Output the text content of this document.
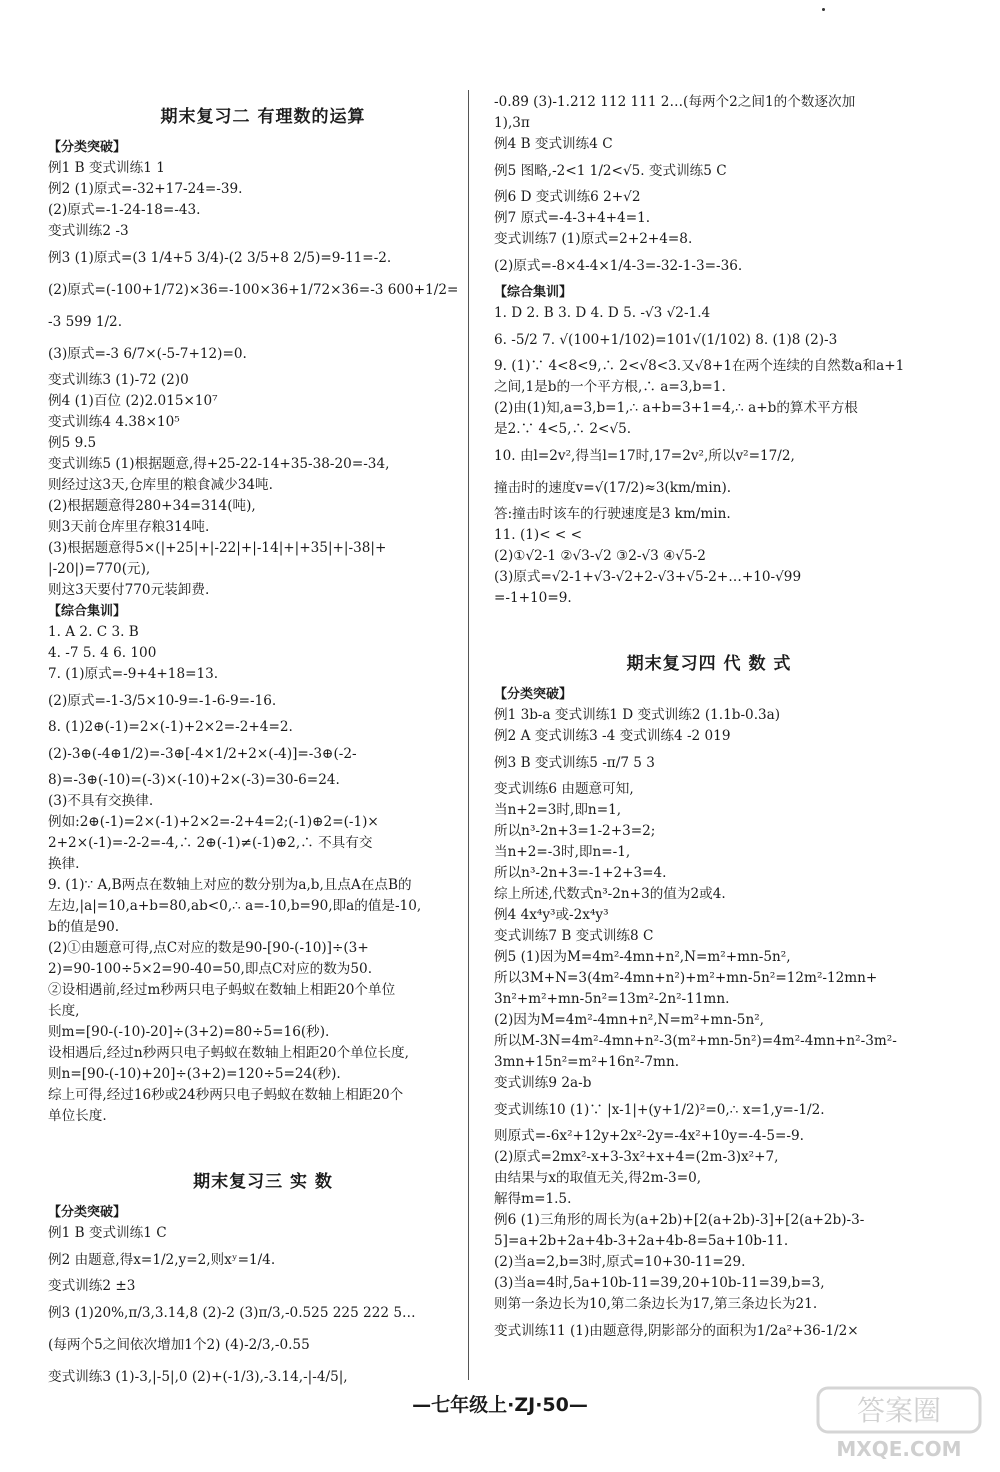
期末复习二 有理数的运算
【分类突破】
例1 B 变式训练1 1
例2 (1)原式=-32+17-24=-39.
(2)原式=-1-24-18=-43.
变式训练2 -3
例3 (1)原式=(3 1/4+5 3/4)-(2 3/5+8 2/5)=9-11=-2.
(2)原式=(-100+1/72)×36=-100×36+1/72×36=-3 600+1/2=
-3 599 1/2.
(3)原式=-3 6/7×(-5-7+12)=0.
变式训练3 (1)-72 (2)0
例4 (1)百位 (2)2.015×10⁷
变式训练4 4.38×10⁵
例5 9.5
变式训练5 (1)根据题意,得+25-22-14+35-38-20=-34,
则经过这3天,仓库里的粮食减少34吨.
(2)根据题意得280+34=314(吨),
则3天前仓库里存粮314吨.
(3)根据题意得5×(|+25|+|-22|+|-14|+|+35|+|-38|+
|-20|)=770(元),
则这3天要付770元装卸费.
【综合集训】
1. A 2. C 3. B
4. -7 5. 4 6. 100
7. (1)原式=-9+4+18=13.
(2)原式=-1-3/5×10-9=-1-6-9=-16.
8. (1)2⊕(-1)=2×(-1)+2×2=-2+4=2.
(2)-3⊕(-4⊕1/2)=-3⊕[-4×1/2+2×(-4)]=-3⊕(-2-
8)=-3⊕(-10)=(-3)×(-10)+2×(-3)=30-6=24.
(3)不具有交换律.
例如:2⊕(-1)=2×(-1)+2×2=-2+4=2;(-1)⊕2=(-1)×
2+2×(-1)=-2-2=-4,∴ 2⊕(-1)≠(-1)⊕2,∴ 不具有交
换律.
9. (1)∵ A,B两点在数轴上对应的数分别为a,b,且点A在点B的
左边,|a|=10,a+b=80,ab<0,∴ a=-10,b=90,即a的值是-10,
b的值是90.
(2)①由题意可得,点C对应的数是90-[90-(-10)]÷(3+
2)=90-100÷5×2=90-40=50,即点C对应的数为50.
②设相遇前,经过m秒两只电子蚂蚁在数轴上相距20个单位
长度,
则m=[90-(-10)-20]÷(3+2)=80÷5=16(秒).
设相遇后,经过n秒两只电子蚂蚁在数轴上相距20个单位长度,
则n=[90-(-10)+20]÷(3+2)=120÷5=24(秒).
综上可得,经过16秒或24秒两只电子蚂蚁在数轴上相距20个
单位长度.
期末复习三 实 数
【分类突破】
例1 B 变式训练1 C
例2 由题意,得x=1/2,y=2,则xʸ=1/4.
变式训练2 ±3
例3 (1)20%,π/3,3.14,8 (2)-2 (3)π/3,-0.525 225 222 5…
(每两个5之间依次增加1个2) (4)-2/3,-0.55
变式训练3 (1)-3,|-5|,0 (2)+(-1/3),-3.14,-|-4/5|,
-0.8̇9̇ (3)-1.212 112 111 2…(每两个2之间1的个数逐次加
1),3π
例4 B 变式训练4 C
例5 图略,-2<1 1/2<√5. 变式训练5 C
例6 D 变式训练6 2+√2
例7 原式=-4-3+4+4=1.
变式训练7 (1)原式=2+2+4=8.
(2)原式=-8×4-4×1/4-3=-32-1-3=-36.
【综合集训】
1. D 2. B 3. D 4. D 5. -√3 √2-1.4
6. -5/2 7. √(100+1/102)=101√(1/102) 8. (1)8 (2)-3
9. (1)∵ 4<8<9,∴ 2<√8<3.又√8+1在两个连续的自然数a和a+1
之间,1是b的一个平方根,∴ a=3,b=1.
(2)由(1)知,a=3,b=1,∴ a+b=3+1=4,∴ a+b的算术平方根
是2.∵ 4<5,∴ 2<√5.
10. 由l=2v²,得当l=17时,17=2v²,所以v²=17/2,
撞击时的速度v=√(17/2)≈3(km/min).
答:撞击时该车的行驶速度是3 km/min.
11. (1)< < <
(2)①√2-1 ②√3-√2 ③2-√3 ④√5-2
(3)原式=√2-1+√3-√2+2-√3+√5-2+…+10-√99
=-1+10=9.
期末复习四 代 数 式
【分类突破】
例1 3b-a 变式训练1 D 变式训练2 (1.1b-0.3a)
例2 A 变式训练3 -4 变式训练4 -2 019
例3 B 变式训练5 -π/7 5 3
变式训练6 由题意可知,
当n+2=3时,即n=1,
所以n³-2n+3=1-2+3=2;
当n+2=-3时,即n=-1,
所以n³-2n+3=-1+2+3=4.
综上所述,代数式n³-2n+3的值为2或4.
例4 4x⁴y³或-2x⁴y³
变式训练7 B 变式训练8 C
例5 (1)因为M=4m²-4mn+n²,N=m²+mn-5n²,
所以3M+N=3(4m²-4mn+n²)+m²+mn-5n²=12m²-12mn+
3n²+m²+mn-5n²=13m²-2n²-11mn.
(2)因为M=4m²-4mn+n²,N=m²+mn-5n²,
所以M-3N=4m²-4mn+n²-3(m²+mn-5n²)=4m²-4mn+n²-3m²-
3mn+15n²=m²+16n²-7mn.
变式训练9 2a-b
变式训练10 (1)∵ |x-1|+(y+1/2)²=0,∴ x=1,y=-1/2.
则原式=-6x²+12y+2x²-2y=-4x²+10y=-4-5=-9.
(2)原式=2mx²-x+3-3x²+x+4=(2m-3)x²+7,
由结果与x的取值无关,得2m-3=0,
解得m=1.5.
例6 (1)三角形的周长为(a+2b)+[2(a+2b)-3]+[2(a+2b)-3-
5]=a+2b+2a+4b-3+2a+4b-8=5a+10b-11.
(2)当a=2,b=3时,原式=10+30-11=29.
(3)当a=4时,5a+10b-11=39,20+10b-11=39,b=3,
则第一条边长为10,第二条边长为17,第三条边长为21.
变式训练11 (1)由题意得,阴影部分的面积为1/2a²+36-1/2×
—七年级上·ZJ·50—	答案圈
MXQE.COM
